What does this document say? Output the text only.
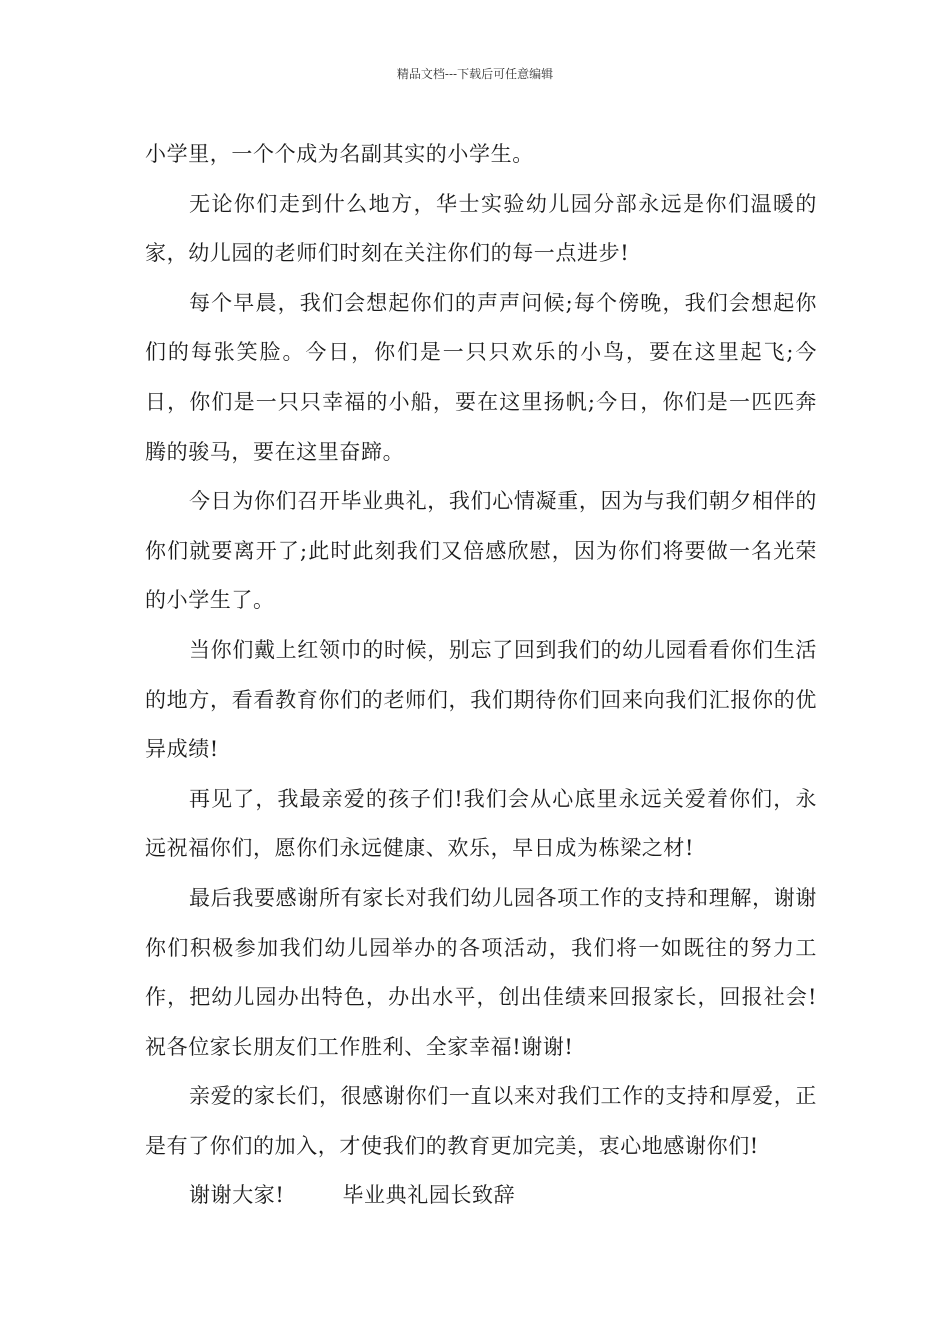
精品文档---下载后可任意编辑

小学里，一个个成为名副其实的小学生。

无论你们走到什么地方，华士实验幼儿园分部永远是你们温暖的家，幼儿园的老师们时刻在关注你们的每一点进步!

每个早晨，我们会想起你们的声声问候;每个傍晚，我们会想起你们的每张笑脸。今日，你们是一只只欢乐的小鸟，要在这里起飞;今日，你们是一只只幸福的小船，要在这里扬帆;今日，你们是一匹匹奔腾的骏马，要在这里奋蹄。

今日为你们召开毕业典礼，我们心情凝重，因为与我们朝夕相伴的你们就要离开了;此时此刻我们又倍感欣慰，因为你们将要做一名光荣的小学生了。

当你们戴上红领巾的时候，别忘了回到我们的幼儿园看看你们生活的地方，看看教育你们的老师们，我们期待你们回来向我们汇报你的优异成绩!

再见了，我最亲爱的孩子们!我们会从心底里永远关爱着你们，永远祝福你们，愿你们永远健康、欢乐，早日成为栋梁之材!

最后我要感谢所有家长对我们幼儿园各项工作的支持和理解，谢谢你们积极参加我们幼儿园举办的各项活动，我们将一如既往的努力工作，把幼儿园办出特色，办出水平，创出佳绩来回报家长，回报社会!祝各位家长朋友们工作胜利、全家幸福!谢谢!

亲爱的家长们，很感谢你们一直以来对我们工作的支持和厚爱，正是有了你们的加入，才使我们的教育更加完美，衷心地感谢你们!

谢谢大家!	毕业典礼园长致辞
